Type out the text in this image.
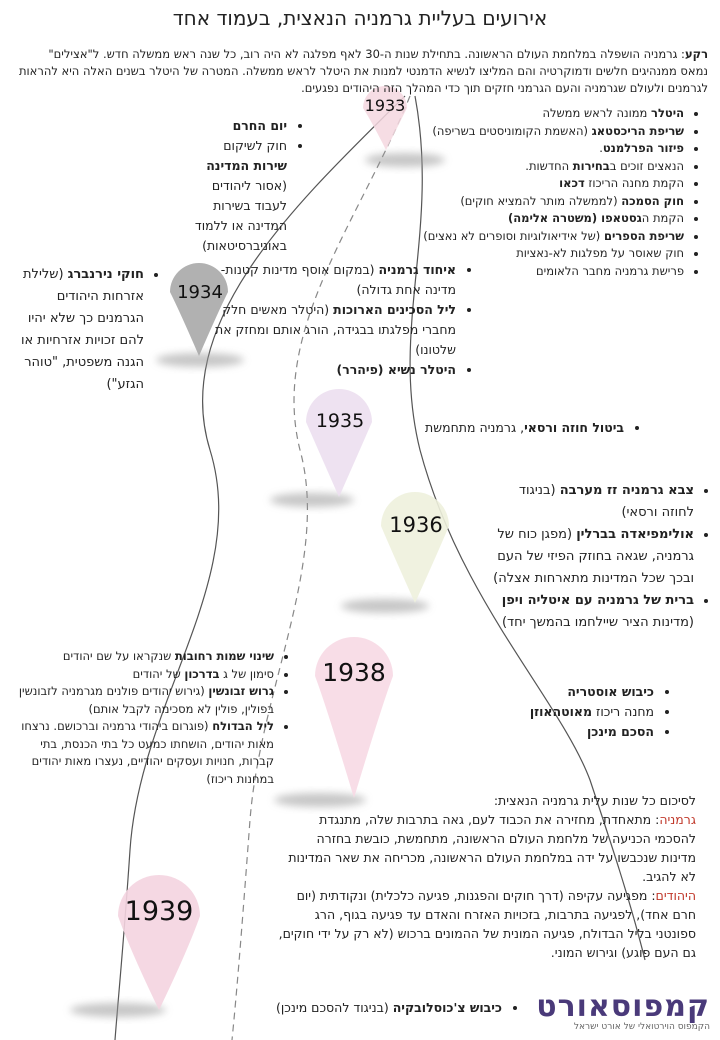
אירועים בעליית גרמניה הנאצית, בעמוד אחד
רקע: גרמניה הושפלה במלחמת העולם הראשונה. בתחילת שנות ה-30 לאף מפלגה לא היה רוב, כל שנה ראש ממשלה חדש. ל"אצילים" נמאס ממנהיגים חלשים ודמוקרטיה והם המליצו לנשיא הדמנטי למנות את היטלר לראש ממשלה. המטרה של היטלר בשנים האלה היא להראות לגרמנים ולעולם שגרמניה והעם הגרמני חזקים תוך כדי המהלך הזה היהודים נפגעים.
1933
1934
1935
1936
1938
1939
• היטלר ממונה לראש ממשלה
• שריפת הריכסטאג (האשמת הקומוניסטים בשריפה)
• פיזור הפרלמנט.
• הנאצים זוכים בבחירות החדשות.
• הקמת מחנה הריכוז דכאו
• חוק הסמכה (לממשלה מותר להמציא חוקים)
• הקמת הגסטאפו (משטרה אלימה)
• שריפת הספרים (של אידיאולוגיות וסופרים לא נאצים)
• חוק שאוסר על מפלגות לא-נאציות
• פרישת גרמניה מחבר הלאומים
• יום החרם
• חוק לשיקום שירות המדינה (אסור ליהודים לעבוד בשירות המדינה או ללמוד באוניברסיטאות)
• חוקי נירנברג (שלילת אזרחות היהודים הגרמנים כך שלא יהיו להם זכויות אזרחיות או הגנה משפטית, "טוהר הגזע")
• איחוד גרמניה (במקום אוסף מדינות קטנות- מדינה אחת גדולה)
• ליל הסכינים הארוכות (היטלר מאשים חלק מחברי מפלגתו בבגידה, הורג אותם ומחזק את שלטונו)
• היטלר נשיא (פיהרר)
• ביטול חוזה ורסאי, גרמניה מתחמשת
• צבא גרמניה זז מערבה (בניגוד לחוזה ורסאי)
• אולימפיאדה בברלין (מפגן כוח של גרמניה, שגאה בחוזק הפיזי של העם ובכך שכל המדינות מתארחות אצלה)
• ברית של גרמניה עם איטליה ויפן (מדינות הציר שיילחמו בהמשך יחד)
• שינוי שמות רחובות שנקראו על שם יהודים
• סימון של ג בדרכון של יהודים
• גרוש זבונשין (גירוש יהודים פולנים מגרמניה לזבונשין בפולין, פולין לא מסכימה לקבל אותם)
• ליל הבדולח (פוגרום ביהודי גרמניה וברכושם. נרצחו מאות יהודים, הושחתו כמעט כל בתי הכנסת, בתי קברות, חנויות ועסקים יהודיים, נעצרו מאות יהודים במחנות ריכוז)
• כיבוש אוסטריה
• מחנה ריכוז מאוטהאוזן
• הסכם מינכן
לסיכום כל שנות עלית גרמניה הנאצית:
גרמניה: מתאחדת, מחזירה את הכבוד לעם, גאה בתרבות שלה, מתנגדת להסכמי הכניעה של מלחמת העולם הראשונה, מתחמשת, כובשת בחזרה מדינות שנכבשו על ידה במלחמת העולם הראשונה, מכריחה את שאר המדינות לא להגיב.
היהודים: מפגיעה עקיפה (דרך חוקים והפגנות, פגיעה כלכלית) ונקודתית (יום חרם אחד), לפגיעה בתרבות, בזכויות האזרח והאדם עד פגיעה בגוף, הרג ספונטני בליל הבדולח, פגיעה המונית של ההמונים ברכוש (לא רק על ידי חוקים, גם העם פוגע) וגירוש המוני.
• כיבוש צ'כוסלובקיה (בניגוד להסכם מינכן)	קמפוסאורט
הקמפוס הוירטואלי של אורט ישראל
